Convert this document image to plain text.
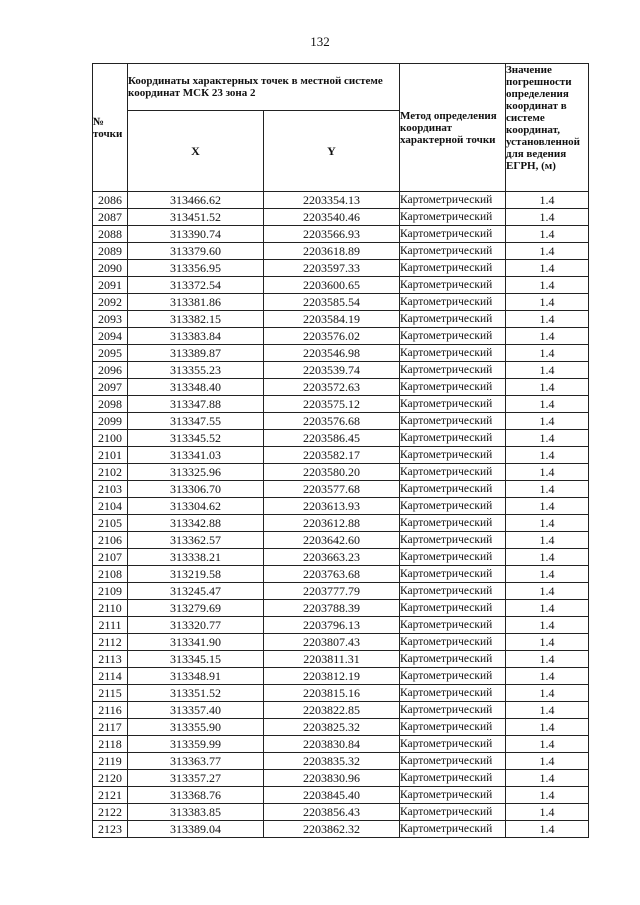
132
№ точки	Координаты характерных точек в местной системе координат МСК 23 зона 2		Метод определения координат характерной точки	Значение погрешности определения координат в системе координат, установленной для ведения ЕГРН, (м)
	X	Y		
2086	313466.62	2203354.13	Картометрический	1.4
2087	313451.52	2203540.46	Картометрический	1.4
2088	313390.74	2203566.93	Картометрический	1.4
2089	313379.60	2203618.89	Картометрический	1.4
2090	313356.95	2203597.33	Картометрический	1.4
2091	313372.54	2203600.65	Картометрический	1.4
2092	313381.86	2203585.54	Картометрический	1.4
2093	313382.15	2203584.19	Картометрический	1.4
2094	313383.84	2203576.02	Картометрический	1.4
2095	313389.87	2203546.98	Картометрический	1.4
2096	313355.23	2203539.74	Картометрический	1.4
2097	313348.40	2203572.63	Картометрический	1.4
2098	313347.88	2203575.12	Картометрический	1.4
2099	313347.55	2203576.68	Картометрический	1.4
2100	313345.52	2203586.45	Картометрический	1.4
2101	313341.03	2203582.17	Картометрический	1.4
2102	313325.96	2203580.20	Картометрический	1.4
2103	313306.70	2203577.68	Картометрический	1.4
2104	313304.62	2203613.93	Картометрический	1.4
2105	313342.88	2203612.88	Картометрический	1.4
2106	313362.57	2203642.60	Картометрический	1.4
2107	313338.21	2203663.23	Картометрический	1.4
2108	313219.58	2203763.68	Картометрический	1.4
2109	313245.47	2203777.79	Картометрический	1.4
2110	313279.69	2203788.39	Картометрический	1.4
2111	313320.77	2203796.13	Картометрический	1.4
2112	313341.90	2203807.43	Картометрический	1.4
2113	313345.15	2203811.31	Картометрический	1.4
2114	313348.91	2203812.19	Картометрический	1.4
2115	313351.52	2203815.16	Картометрический	1.4
2116	313357.40	2203822.85	Картометрический	1.4
2117	313355.90	2203825.32	Картометрический	1.4
2118	313359.99	2203830.84	Картометрический	1.4
2119	313363.77	2203835.32	Картометрический	1.4
2120	313357.27	2203830.96	Картометрический	1.4
2121	313368.76	2203845.40	Картометрический	1.4
2122	313383.85	2203856.43	Картометрический	1.4
2123	313389.04	2203862.32	Картометрический	1.4
